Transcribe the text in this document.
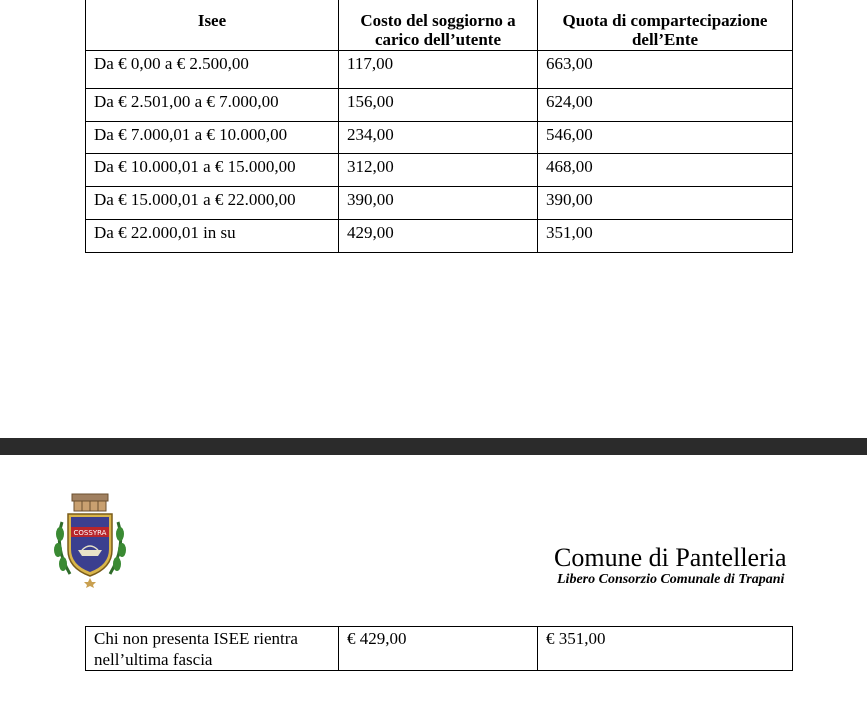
Isee	Costo del soggiorno a carico dell’utente	Quota di compartecipazione dell’Ente
Da € 0,00 a € 2.500,00	117,00	663,00
Da € 2.501,00 a € 7.000,00	156,00	624,00
Da € 7.000,01 a € 10.000,00	234,00	546,00
Da € 10.000,01 a € 15.000,00	312,00	468,00
Da € 15.000,01 a € 22.000,00	390,00	390,00
Da € 22.000,01 in su	429,00	351,00
COSSYRA
Comune di Pantelleria
Libero Consorzio Comunale di Trapani
Chi non presenta ISEE rientra nell’ultima fascia	€ 429,00	€ 351,00
